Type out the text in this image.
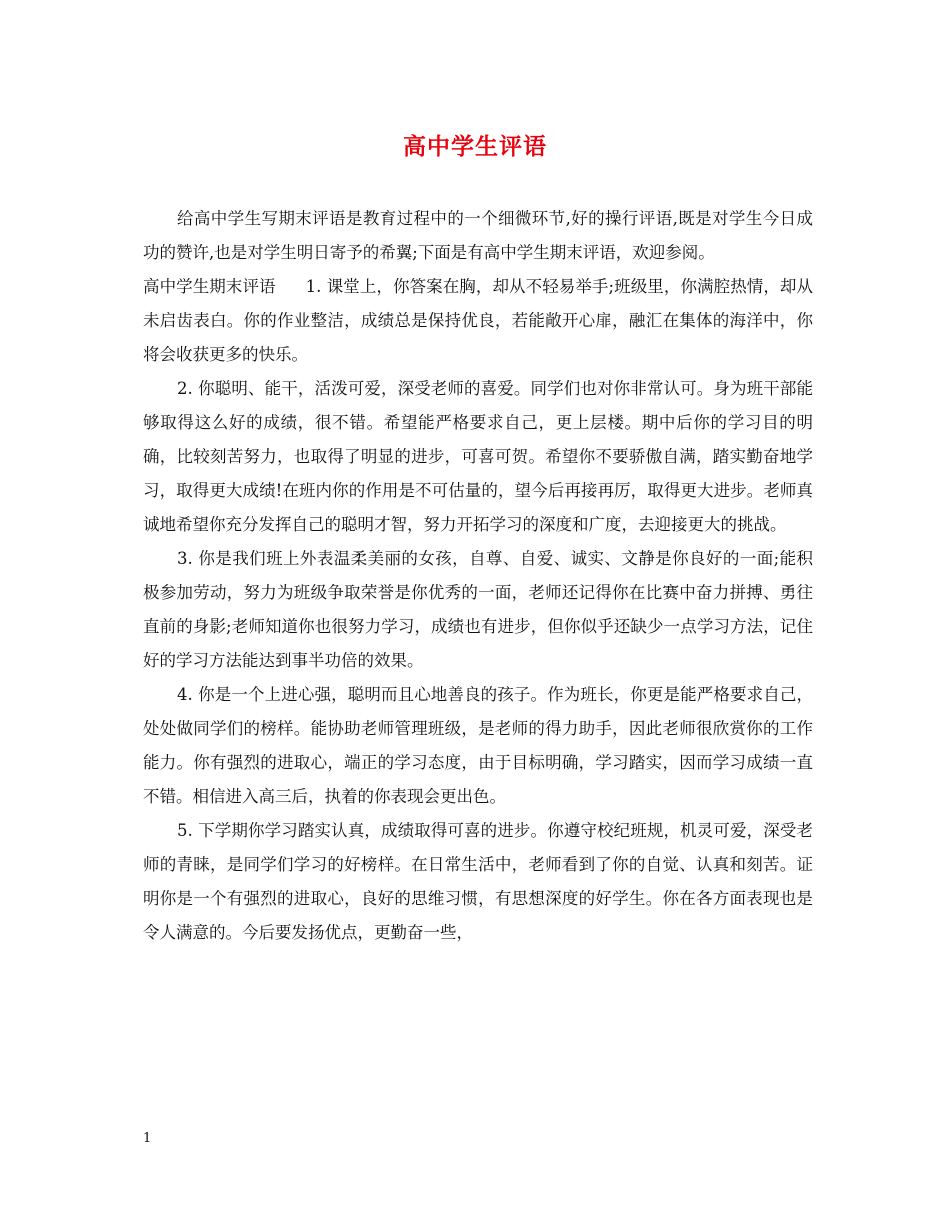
高中学生评语

给高中学生写期末评语是教育过程中的一个细微环节,好的操行评语,既是对学生今日成功的赞许,也是对学生明日寄予的希翼;下面是有高中学生期末评语，欢迎参阅。

高中学生期末评语 1. 课堂上，你答案在胸，却从不轻易举手;班级里，你满腔热情，却从未启齿表白。你的作业整洁，成绩总是保持优良，若能敞开心扉，融汇在集体的海洋中，你将会收获更多的快乐。

2. 你聪明、能干，活泼可爱，深受老师的喜爱。同学们也对你非常认可。身为班干部能够取得这么好的成绩，很不错。希望能严格要求自己，更上层楼。期中后你的学习目的明确，比较刻苦努力，也取得了明显的进步，可喜可贺。希望你不要骄傲自满，踏实勤奋地学习，取得更大成绩!在班内你的作用是不可估量的，望今后再接再厉，取得更大进步。老师真诚地希望你充分发挥自己的聪明才智，努力开拓学习的深度和广度，去迎接更大的挑战。

3. 你是我们班上外表温柔美丽的女孩，自尊、自爱、诚实、文静是你良好的一面;能积极参加劳动，努力为班级争取荣誉是你优秀的一面，老师还记得你在比赛中奋力拼搏、勇往直前的身影;老师知道你也很努力学习，成绩也有进步，但你似乎还缺少一点学习方法，记住好的学习方法能达到事半功倍的效果。

4. 你是一个上进心强，聪明而且心地善良的孩子。作为班长，你更是能严格要求自己，处处做同学们的榜样。能协助老师管理班级，是老师的得力助手，因此老师很欣赏你的工作能力。你有强烈的进取心，端正的学习态度，由于目标明确，学习踏实，因而学习成绩一直不错。相信进入高三后，执着的你表现会更出色。

5. 下学期你学习踏实认真，成绩取得可喜的进步。你遵守校纪班规，机灵可爱，深受老师的青睐，是同学们学习的好榜样。在日常生活中，老师看到了你的自觉、认真和刻苦。证明你是一个有强烈的进取心，良好的思维习惯，有思想深度的好学生。你在各方面表现也是令人满意的。今后要发扬优点，更勤奋一些，

1
